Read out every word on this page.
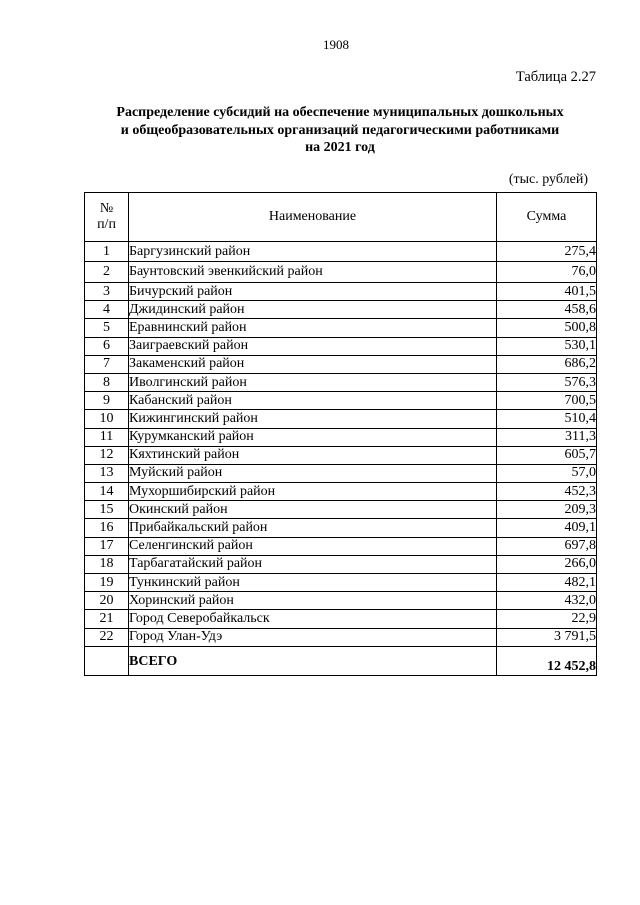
1908
Таблица 2.27
Распределение субсидий на обеспечение муниципальных дошкольных
и общеобразовательных организаций педагогическими работниками
на 2021 год
(тыс. рублей)
№
п/п	Наименование	Сумма
1	Баргузинский район	275,4
2	Баунтовский эвенкийский район	76,0
3	Бичурский район	401,5
4	Джидинский район	458,6
5	Еравнинский район	500,8
6	Заиграевский район	530,1
7	Закаменский район	686,2
8	Иволгинский район	576,3
9	Кабанский район	700,5
10	Кижингинский район	510,4
11	Курумканский район	311,3
12	Кяхтинский район	605,7
13	Муйский район	57,0
14	Мухоршибирский район	452,3
15	Окинский район	209,3
16	Прибайкальский район	409,1
17	Селенгинский район	697,8
18	Тарбагатайский район	266,0
19	Тункинский район	482,1
20	Хоринский район	432,0
21	Город Северобайкальск	22,9
22	Город Улан-Удэ	3 791,5
	ВСЕГО	12 452,8
